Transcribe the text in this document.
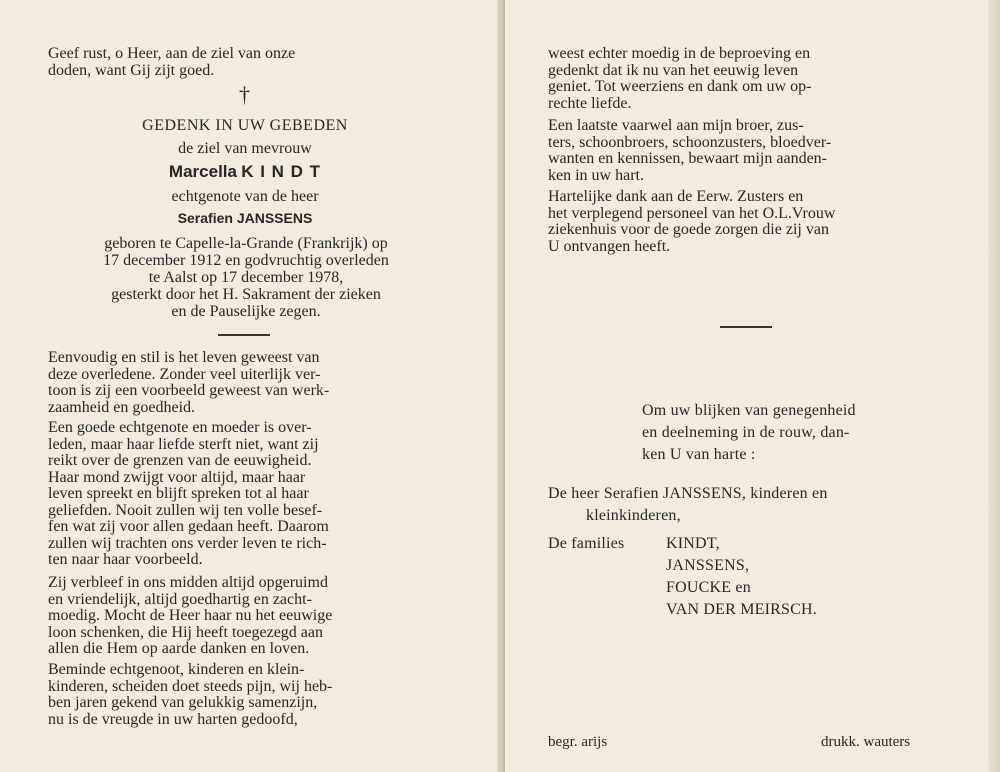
Geef rust, o Heer, aan de ziel van onze
doden, want Gij zijt goed.

†

GEDENK IN UW GEBEDEN

de ziel van mevrouw

Marcella K I N D T

echtgenote van de heer

Serafien JANSSENS

geboren te Capelle-la-Grande (Frankrijk) op

17 december 1912 en godvruchtig overleden

te Aalst op 17 december 1978,

gesterkt door het H. Sakrament der zieken

en de Pauselijke zegen.

Eenvoudig en stil is het leven geweest van
deze overledene. Zonder veel uiterlijk ver-
toon is zij een voorbeeld geweest van werk-
zaamheid en goedheid.

Een goede echtgenote en moeder is over-
leden, maar haar liefde sterft niet, want zij
reikt over de grenzen van de eeuwigheid.
Haar mond zwijgt voor altijd, maar haar
leven spreekt en blijft spreken tot al haar
geliefden. Nooit zullen wij ten volle besef-
fen wat zij voor allen gedaan heeft. Daarom
zullen wij trachten ons verder leven te rich-
ten naar haar voorbeeld.

Zij verbleef in ons midden altijd opgeruimd
en vriendelijk, altijd goedhartig en zacht-
moedig. Mocht de Heer haar nu het eeuwige
loon schenken, die Hij heeft toegezegd aan
allen die Hem op aarde danken en loven.

Beminde echtgenoot, kinderen en klein-
kinderen, scheiden doet steeds pijn, wij heb-
ben jaren gekend van gelukkig samenzijn,
nu is de vreugde in uw harten gedoofd,

weest echter moedig in de beproeving en
gedenkt dat ik nu van het eeuwig leven
geniet. Tot weerziens en dank om uw op-
rechte liefde.

Een laatste vaarwel aan mijn broer, zus-
ters, schoonbroers, schoonzusters, bloedver-
wanten en kennissen, bewaart mijn aanden-
ken in uw hart.

Hartelijke dank aan de Eerw. Zusters en
het verplegend personeel van het O.L.Vrouw
ziekenhuis voor de goede zorgen die zij van
U ontvangen heeft.

Om uw blijken van genegenheid

en deelneming in de rouw, dan-

ken U van harte :

De heer Serafien JANSSENS, kinderen en

kleinkinderen,

De families	KINDT,

JANSSENS,

FOUCKE en

VAN DER MEIRSCH.

begr. arijs	drukk. wauters
